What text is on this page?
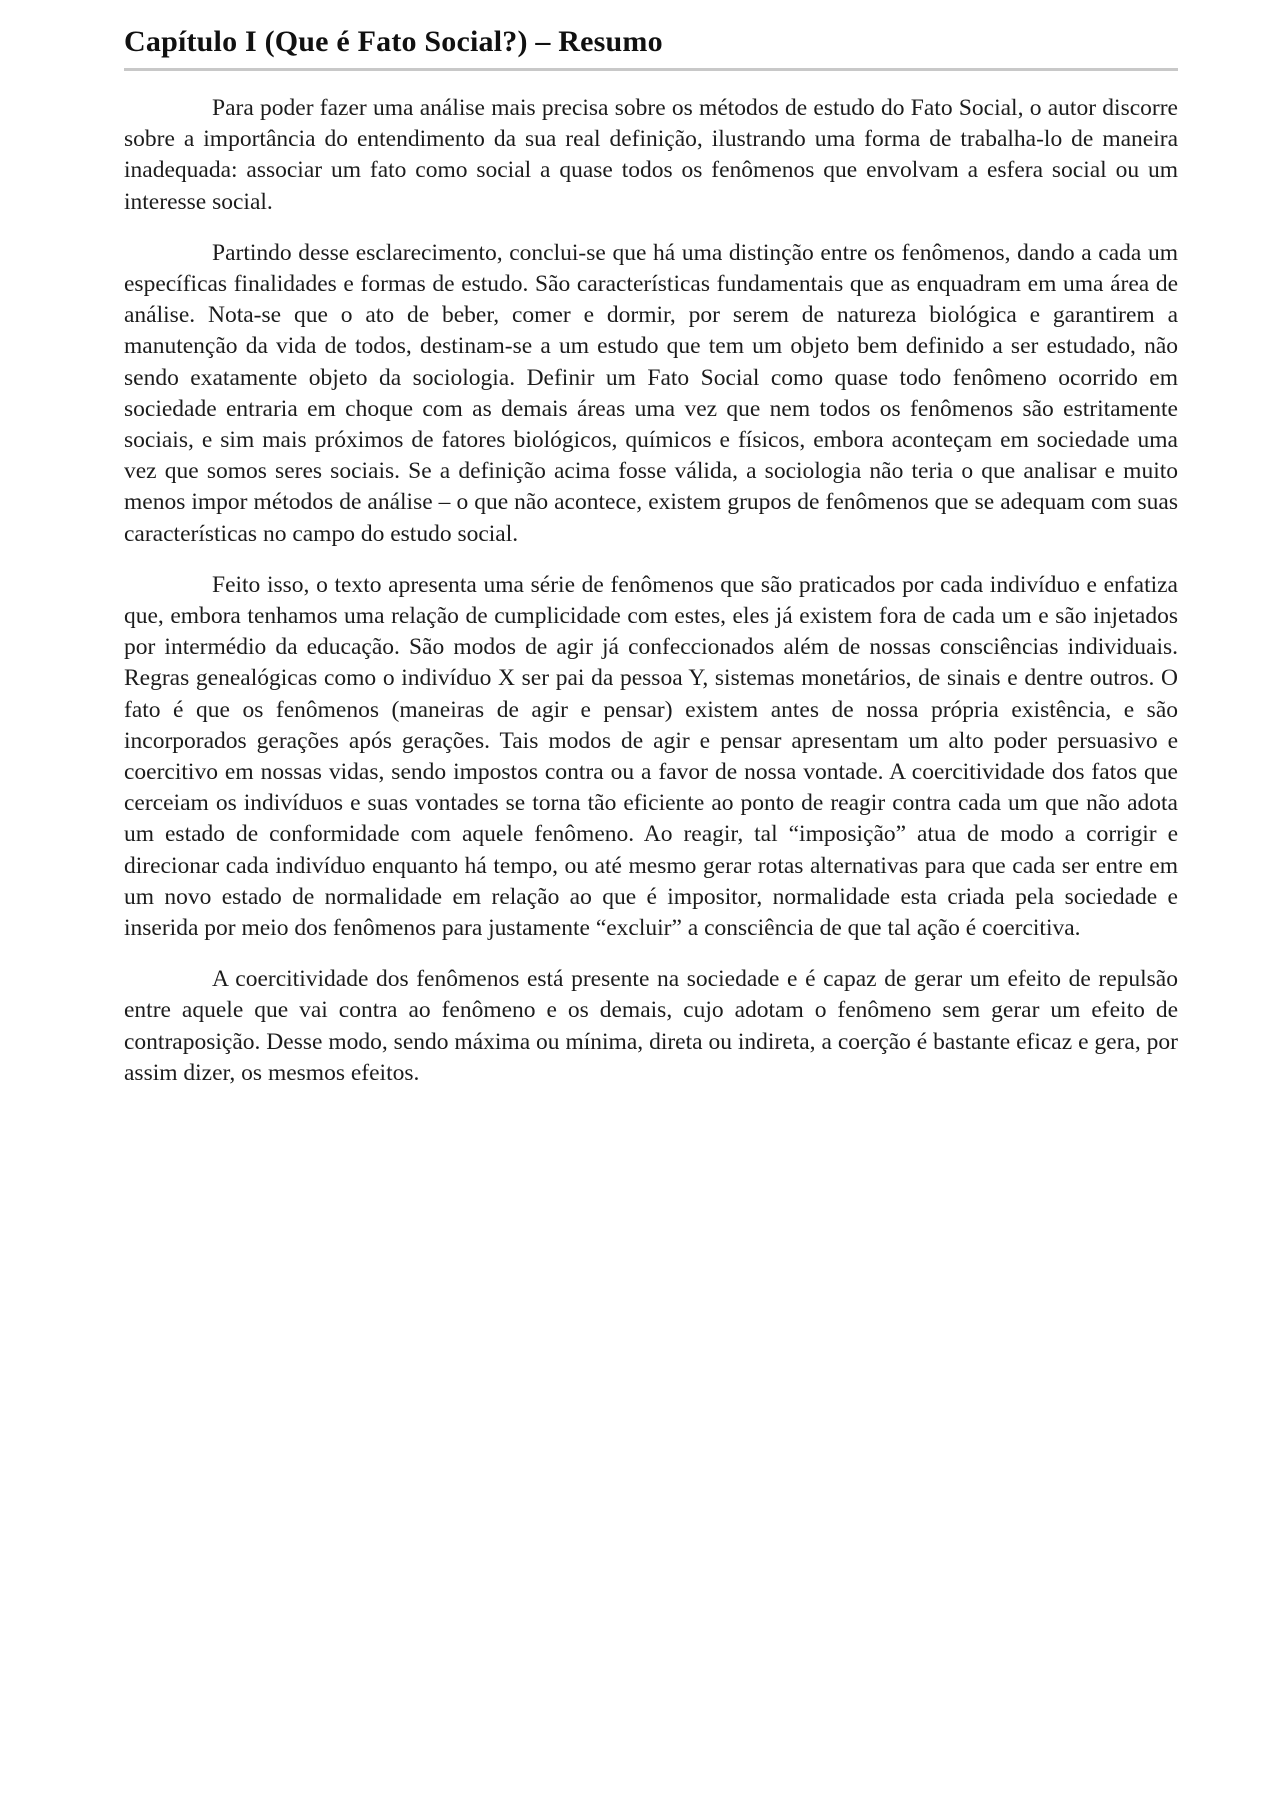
Capítulo I (Que é Fato Social?) – Resumo

Para poder fazer uma análise mais precisa sobre os métodos de estudo do Fato Social, o autor discorre sobre a importância do entendimento da sua real definição, ilustrando uma forma de trabalha-lo de maneira inadequada: associar um fato como social a quase todos os fenômenos que envolvam a esfera social ou um interesse social.

Partindo desse esclarecimento, conclui-se que há uma distinção entre os fenômenos, dando a cada um específicas finalidades e formas de estudo. São características fundamentais que as enquadram em uma área de análise. Nota-se que o ato de beber, comer e dormir, por serem de natureza biológica e garantirem a manutenção da vida de todos, destinam-se a um estudo que tem um objeto bem definido a ser estudado, não sendo exatamente objeto da sociologia. Definir um Fato Social como quase todo fenômeno ocorrido em sociedade entraria em choque com as demais áreas uma vez que nem todos os fenômenos são estritamente sociais, e sim mais próximos de fatores biológicos, químicos e físicos, embora aconteçam em sociedade uma vez que somos seres sociais. Se a definição acima fosse válida, a sociologia não teria o que analisar e muito menos impor métodos de análise – o que não acontece, existem grupos de fenômenos que se adequam com suas características no campo do estudo social.

Feito isso, o texto apresenta uma série de fenômenos que são praticados por cada indivíduo e enfatiza que, embora tenhamos uma relação de cumplicidade com estes, eles já existem fora de cada um e são injetados por intermédio da educação. São modos de agir já confeccionados além de nossas consciências individuais. Regras genealógicas como o indivíduo X ser pai da pessoa Y, sistemas monetários, de sinais e dentre outros. O fato é que os fenômenos (maneiras de agir e pensar) existem antes de nossa própria existência, e são incorporados gerações após gerações. Tais modos de agir e pensar apresentam um alto poder persuasivo e coercitivo em nossas vidas, sendo impostos contra ou a favor de nossa vontade. A coercitividade dos fatos que cerceiam os indivíduos e suas vontades se torna tão eficiente ao ponto de reagir contra cada um que não adota um estado de conformidade com aquele fenômeno. Ao reagir, tal “imposição” atua de modo a corrigir e direcionar cada indivíduo enquanto há tempo, ou até mesmo gerar rotas alternativas para que cada ser entre em um novo estado de normalidade em relação ao que é impositor, normalidade esta criada pela sociedade e inserida por meio dos fenômenos para justamente “excluir” a consciência de que tal ação é coercitiva.

A coercitividade dos fenômenos está presente na sociedade e é capaz de gerar um efeito de repulsão entre aquele que vai contra ao fenômeno e os demais, cujo adotam o fenômeno sem gerar um efeito de contraposição. Desse modo, sendo máxima ou mínima, direta ou indireta, a coerção é bastante eficaz e gera, por assim dizer, os mesmos efeitos.
